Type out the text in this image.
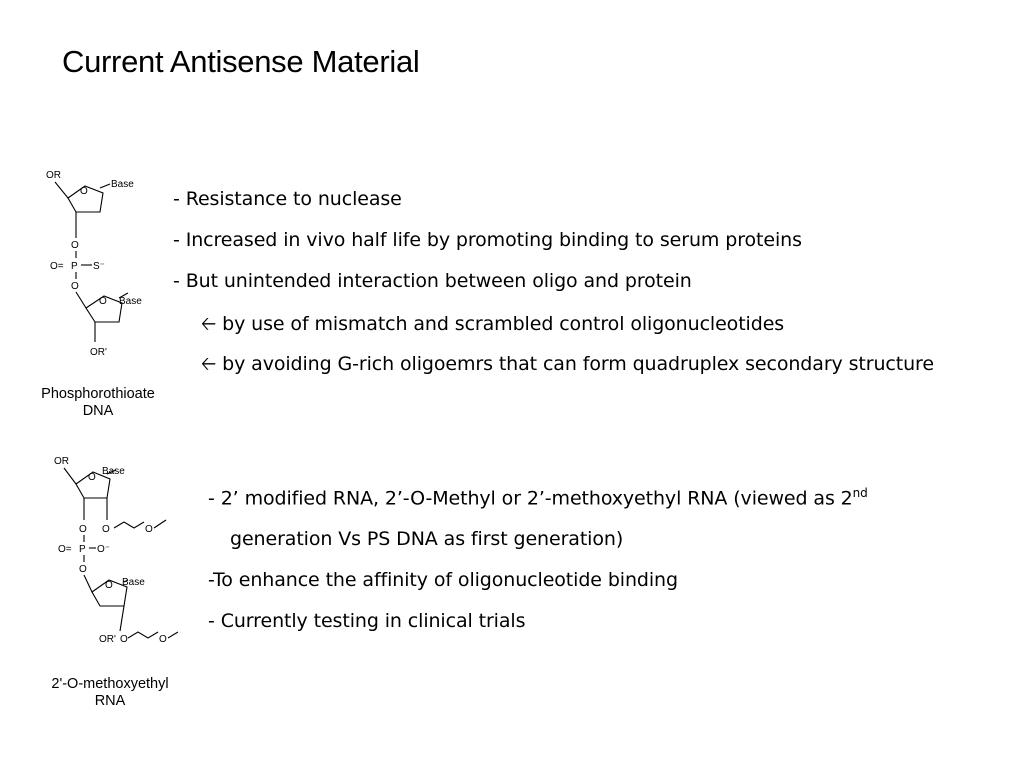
Current Antisense Material
OR
O
Base
O
O= P S⁻
O
O Base
OR'
Phosphorothioate
DNA
- Resistance to nuclease
- Increased in vivo half life by promoting binding to serum proteins
- But unintended interaction between oligo and protein
🡠 by use of mismatch and scrambled control oligonucleotides
🡠 by avoiding G-rich oligoemrs that can form quadruplex secondary structure
OR
O
Base
O O	O
O= P O⁻
O
O Base
OR' O	O
2'-O-methoxyethyl
RNA
- 2’ modified RNA, 2’-O-Methyl or 2’-methoxyethyl RNA (viewed as 2nd
generation Vs PS DNA as first generation)
-To enhance the affinity of oligonucleotide binding
- Currently testing in clinical trials
